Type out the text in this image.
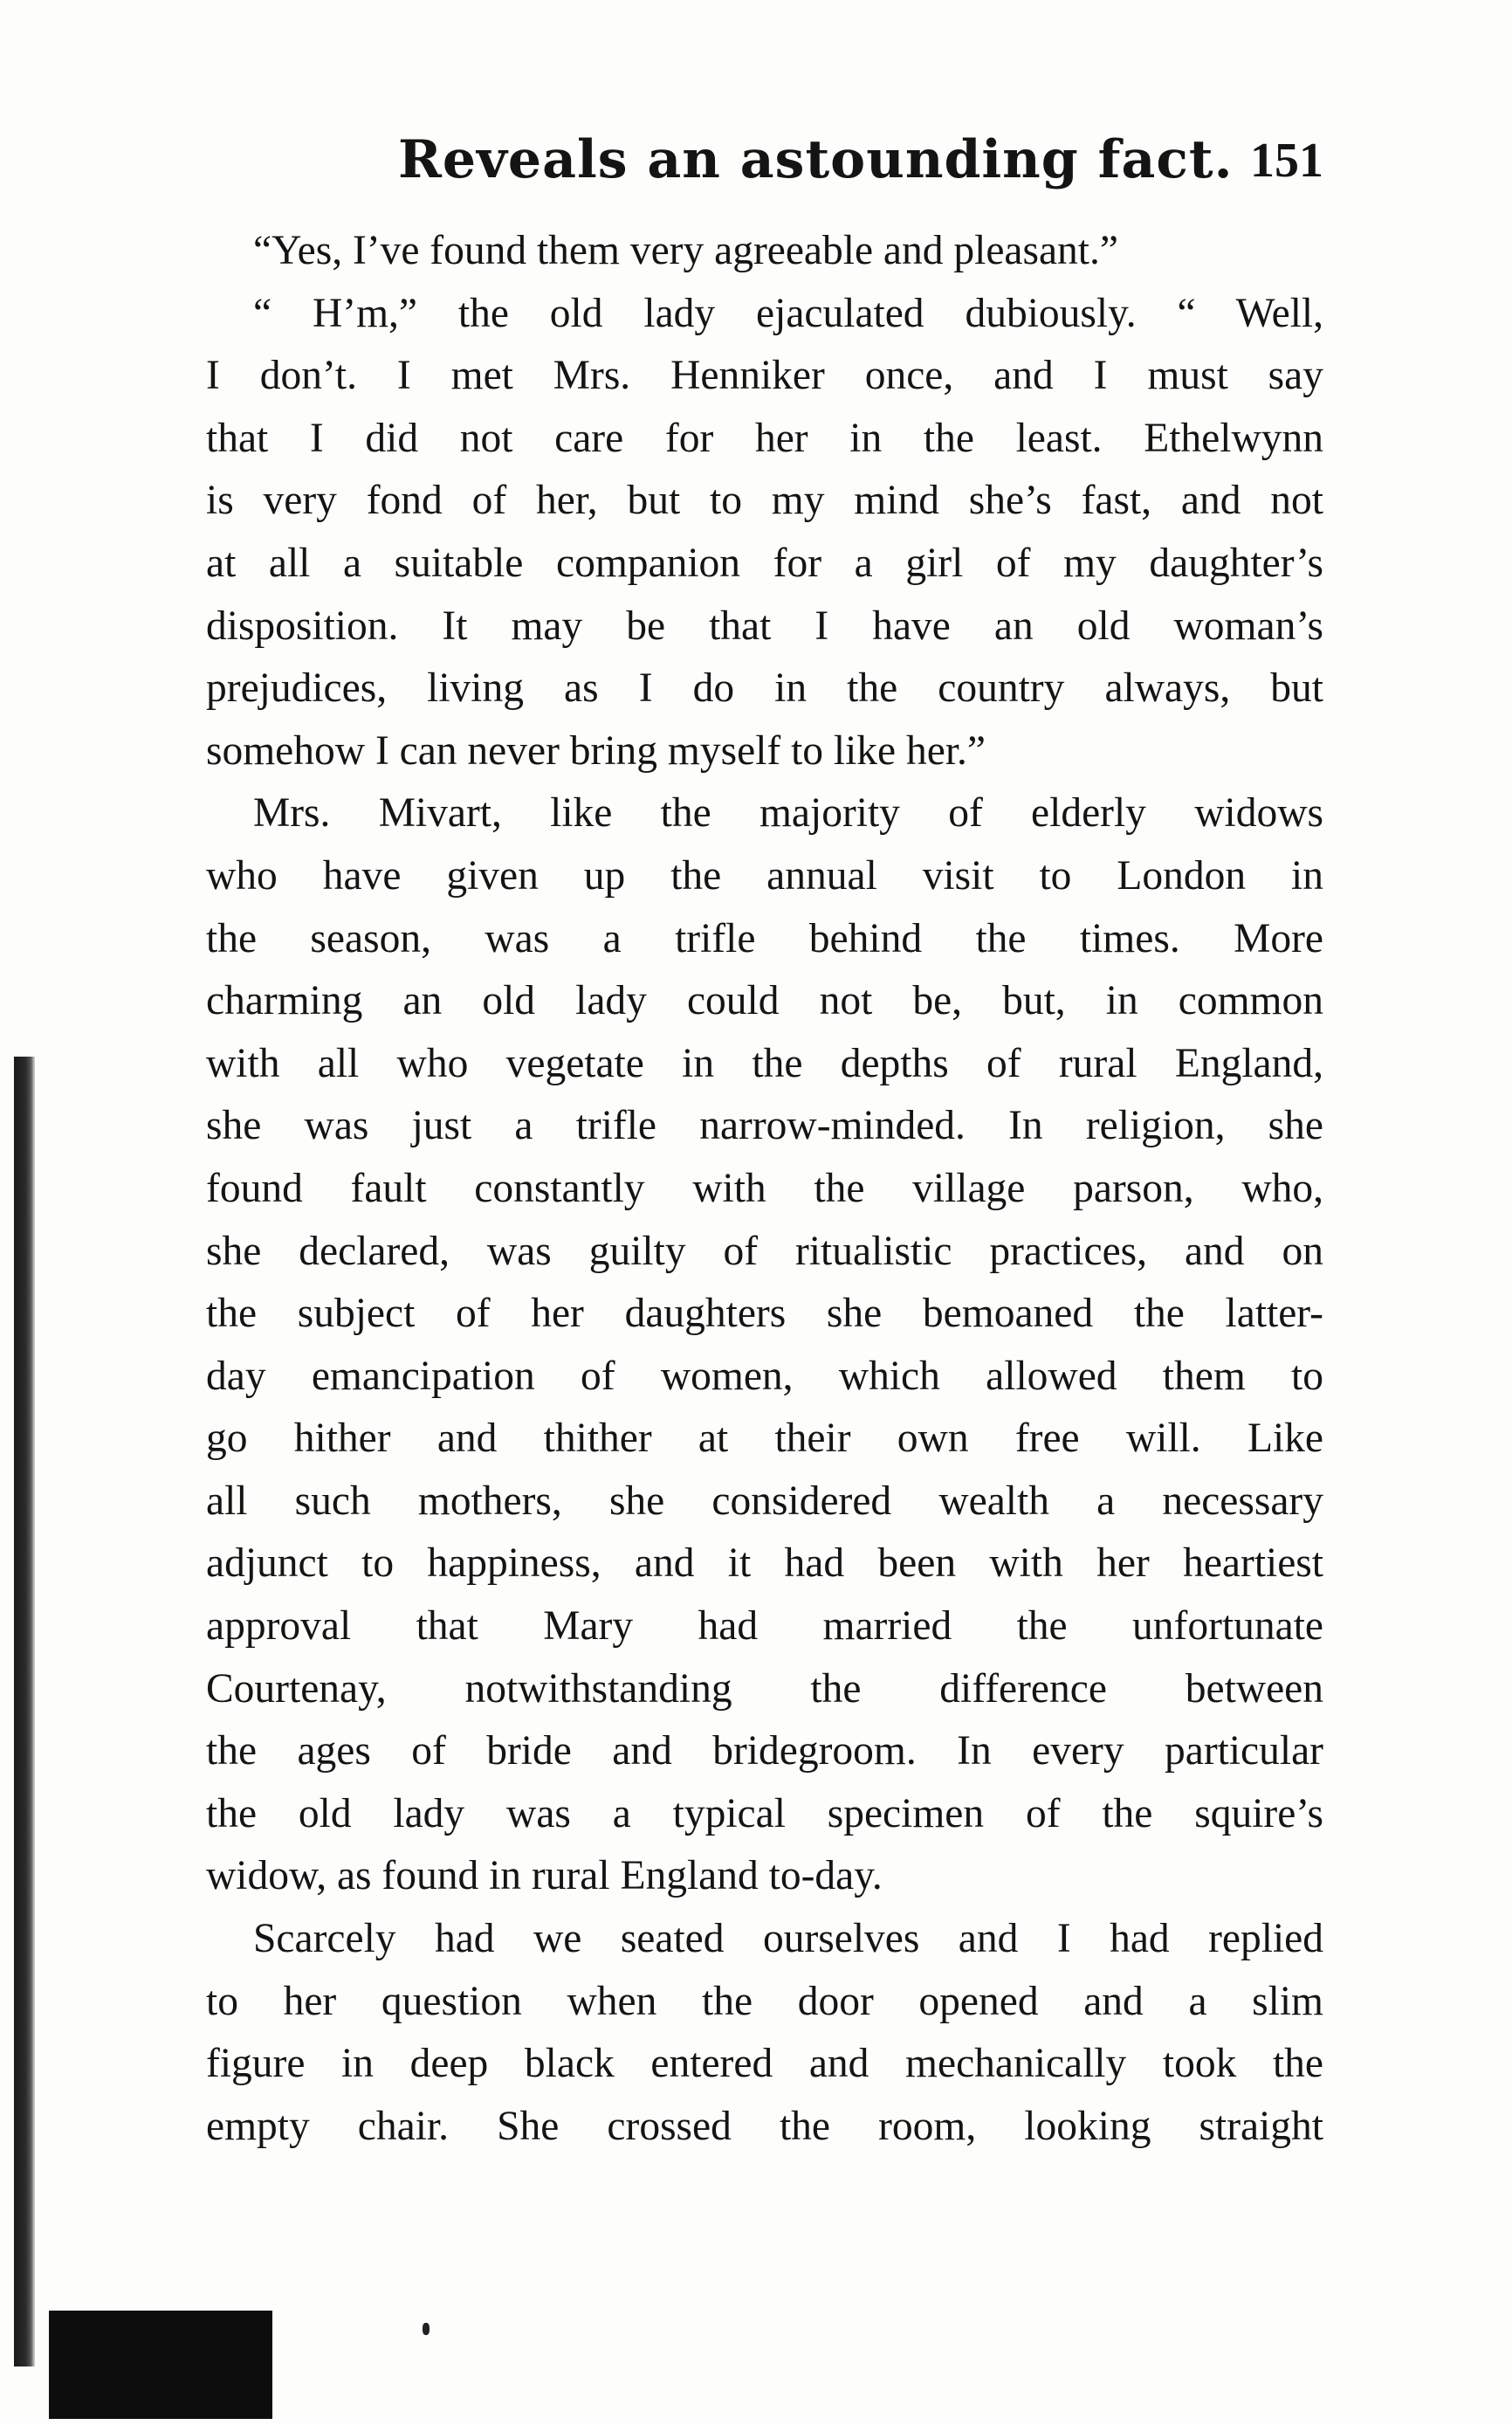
Reveals an astounding fact. 151
“Yes, I’ve found them very agreeable and pleasant.”
“ H’m,” the old lady ejaculated dubiously. “ Well,
I don’t. I met Mrs. Henniker once, and I must say
that I did not care for her in the least. Ethelwynn
is very fond of her, but to my mind she’s fast, and not
at all a suitable companion for a girl of my daughter’s
disposition. It may be that I have an old woman’s
prejudices, living as I do in the country always, but
somehow I can never bring myself to like her.”
Mrs. Mivart, like the majority of elderly widows
who have given up the annual visit to London in
the season, was a trifle behind the times. More
charming an old lady could not be, but, in common
with all who vegetate in the depths of rural England,
she was just a trifle narrow-minded. In religion, she
found fault constantly with the village parson, who,
she declared, was guilty of ritualistic practices, and on
the subject of her daughters she bemoaned the latter-
day emancipation of women, which allowed them to
go hither and thither at their own free will. Like
all such mothers, she considered wealth a necessary
adjunct to happiness, and it had been with her heartiest
approval that Mary had married the unfortunate
Courtenay, notwithstanding the difference between
the ages of bride and bridegroom. In every particular
the old lady was a typical specimen of the squire’s
widow, as found in rural England to-day.
Scarcely had we seated ourselves and I had replied
to her question when the door opened and a slim
figure in deep black entered and mechanically took the
empty chair. She crossed the room, looking straight
